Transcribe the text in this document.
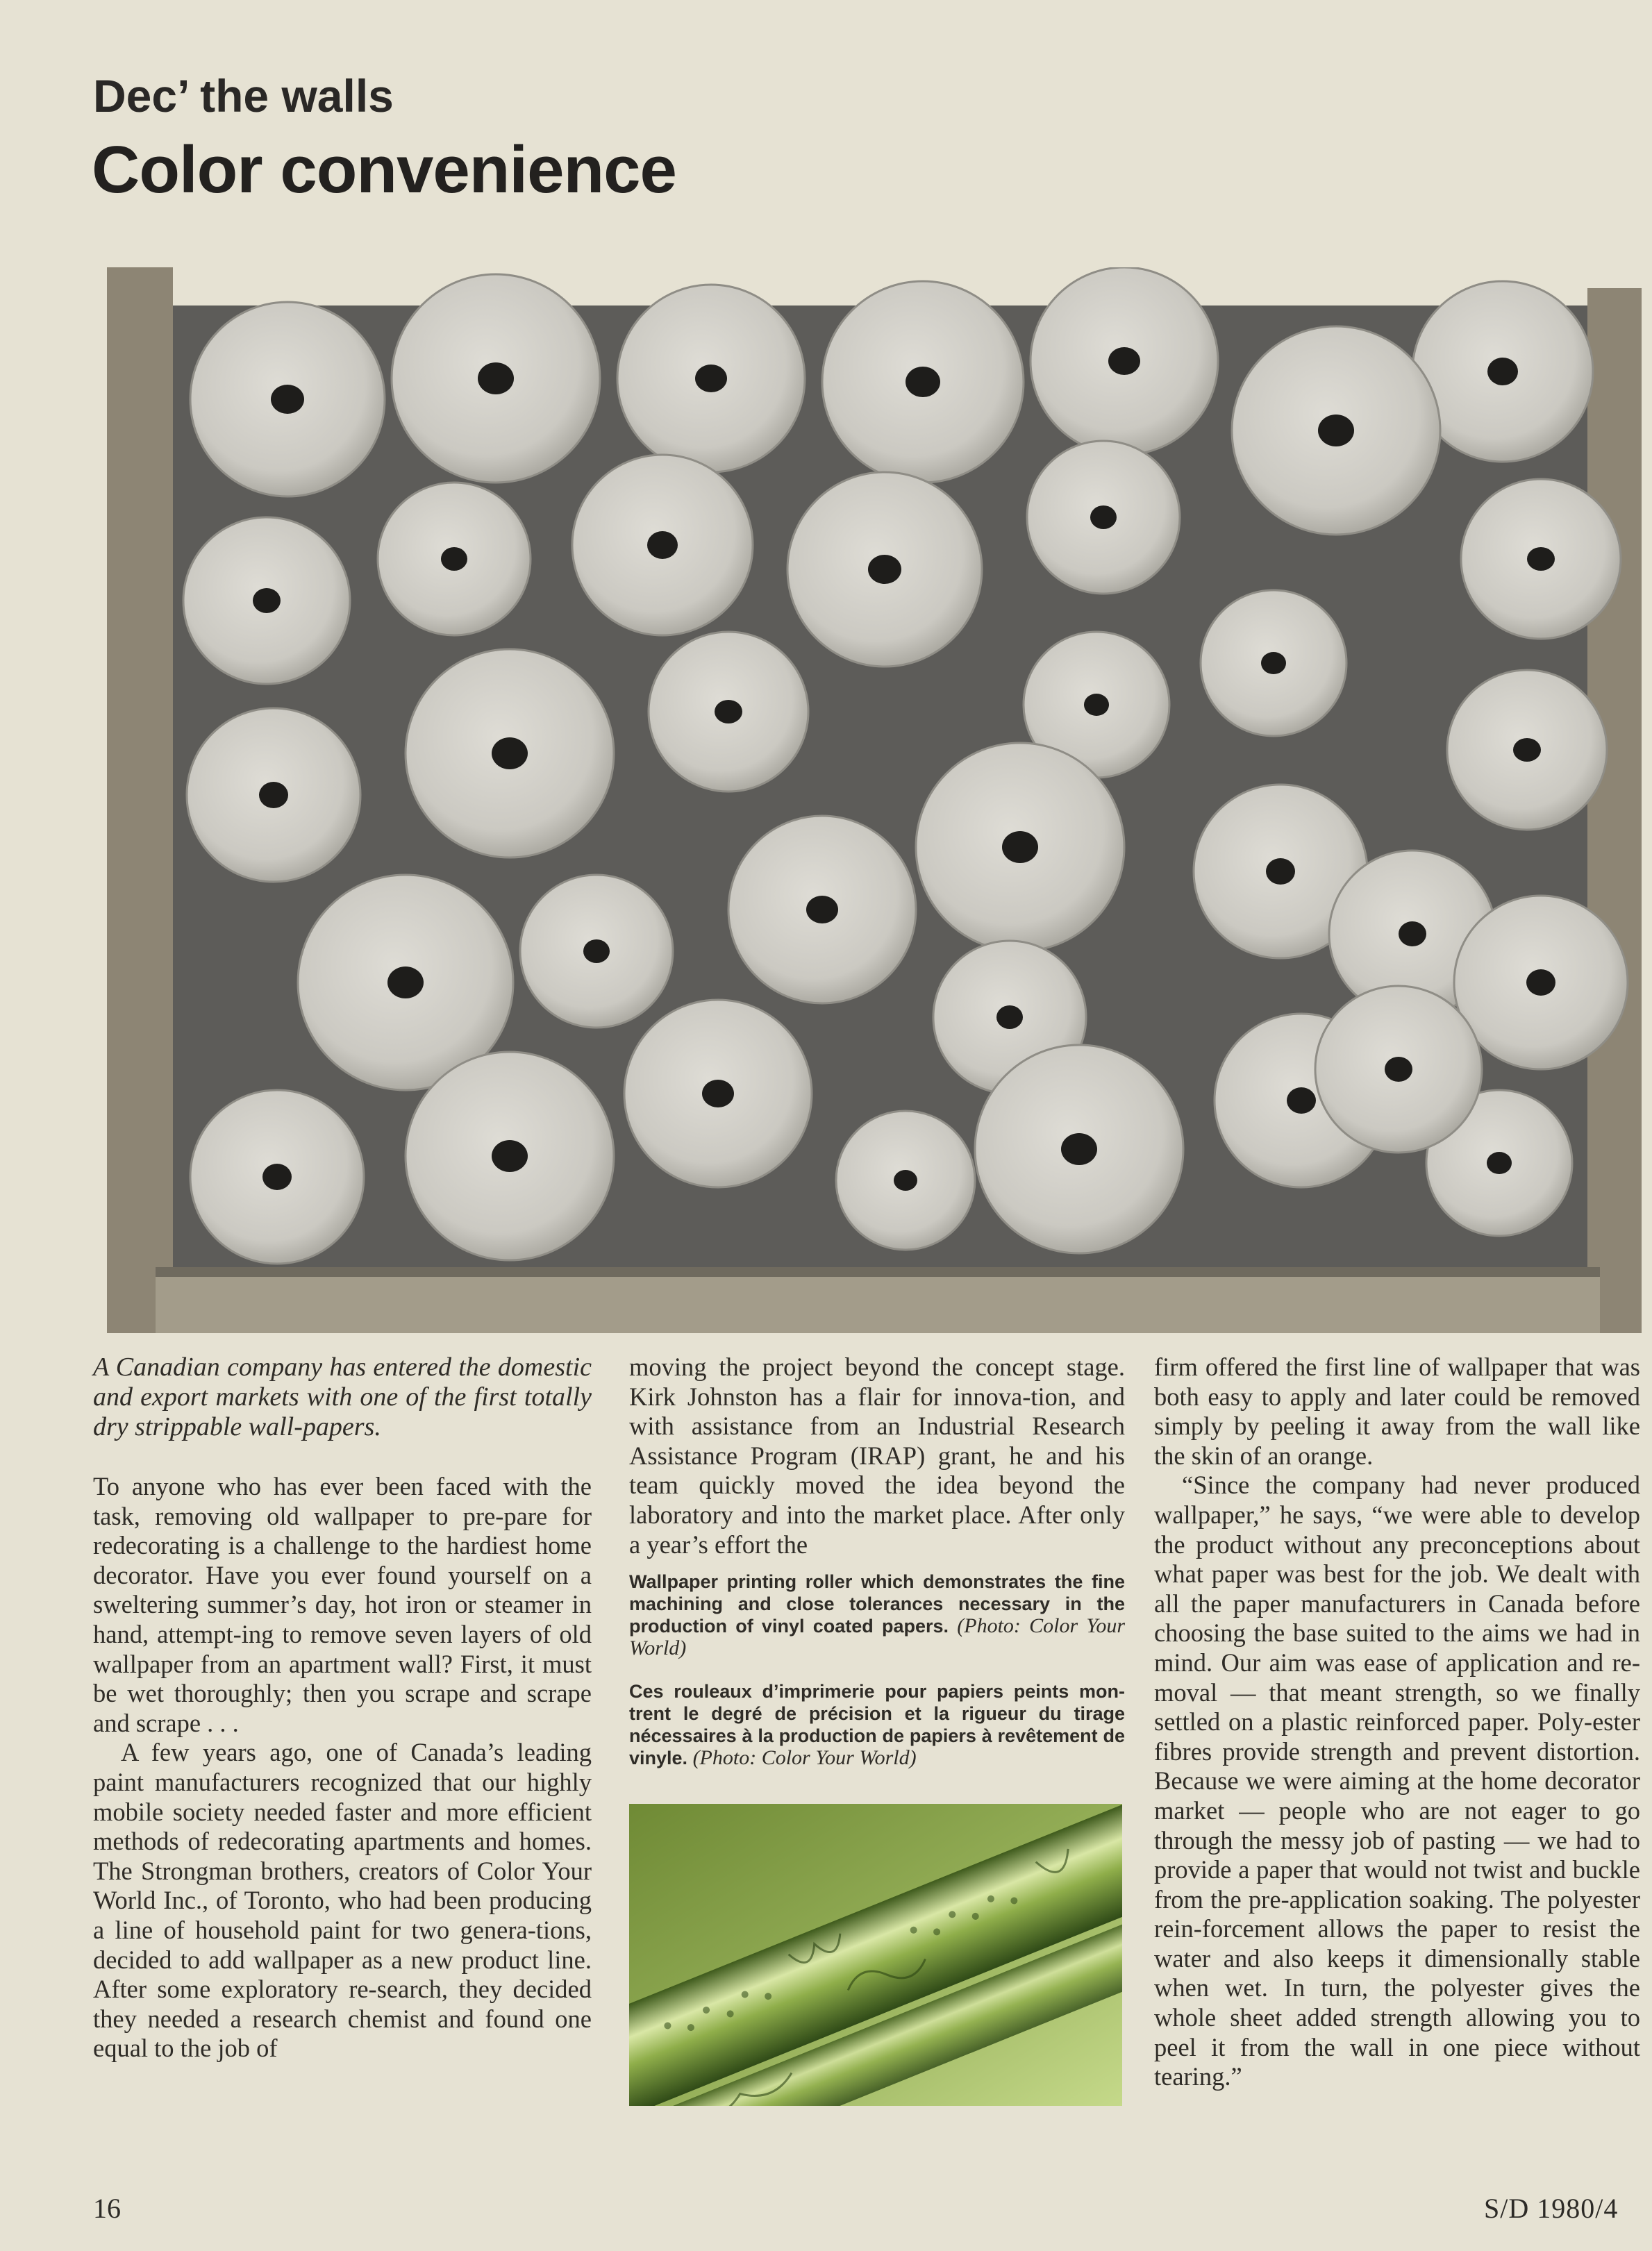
Dec’ the walls
Color convenience

A Canadian company has entered the domestic and export markets with one of the first totally dry strippable wall-papers.

To anyone who has ever been faced with the task, removing old wallpaper to pre-pare for redecorating is a challenge to the hardiest home decorator. Have you ever found yourself on a sweltering summer’s day, hot iron or steamer in hand, attempt-ing to remove seven layers of old wallpaper from an apartment wall? First, it must be wet thoroughly; then you scrape and scrape and scrape . . .

A few years ago, one of Canada’s leading paint manufacturers recognized that our highly mobile society needed faster and more efficient methods of redecorating apartments and homes. The Strongman brothers, creators of Color Your World Inc., of Toronto, who had been producing a line of household paint for two genera-tions, decided to add wallpaper as a new product line. After some exploratory re-search, they decided they needed a research chemist and found one equal to the job of

moving the project beyond the concept stage. Kirk Johnston has a flair for innova-tion, and with assistance from an Industrial Research Assistance Program (IRAP) grant, he and his team quickly moved the idea beyond the laboratory and into the market place. After only a year’s effort the

Wallpaper printing roller which demonstrates the fine machining and close tolerances necessary in the production of vinyl coated papers. (Photo: Color Your World)

Ces rouleaux d’imprimerie pour papiers peints mon-trent le degré de précision et la rigueur du tirage nécessaires à la production de papiers à revêtement de vinyle. (Photo: Color Your World)

firm offered the first line of wallpaper that was both easy to apply and later could be removed simply by peeling it away from the wall like the skin of an orange.

“Since the company had never produced wallpaper,” he says, “we were able to develop the product without any preconceptions about what paper was best for the job. We dealt with all the paper manufacturers in Canada before choosing the base suited to the aims we had in mind. Our aim was ease of application and re-moval — that meant strength, so we finally settled on a plastic reinforced paper. Poly-ester fibres provide strength and prevent distortion. Because we were aiming at the home decorator market — people who are not eager to go through the messy job of pasting — we had to provide a paper that would not twist and buckle from the pre-application soaking. The polyester rein-forcement allows the paper to resist the water and also keeps it dimensionally stable when wet. In turn, the polyester gives the whole sheet added strength allowing you to peel it from the wall in one piece without tearing.”

16	S/D 1980/4
